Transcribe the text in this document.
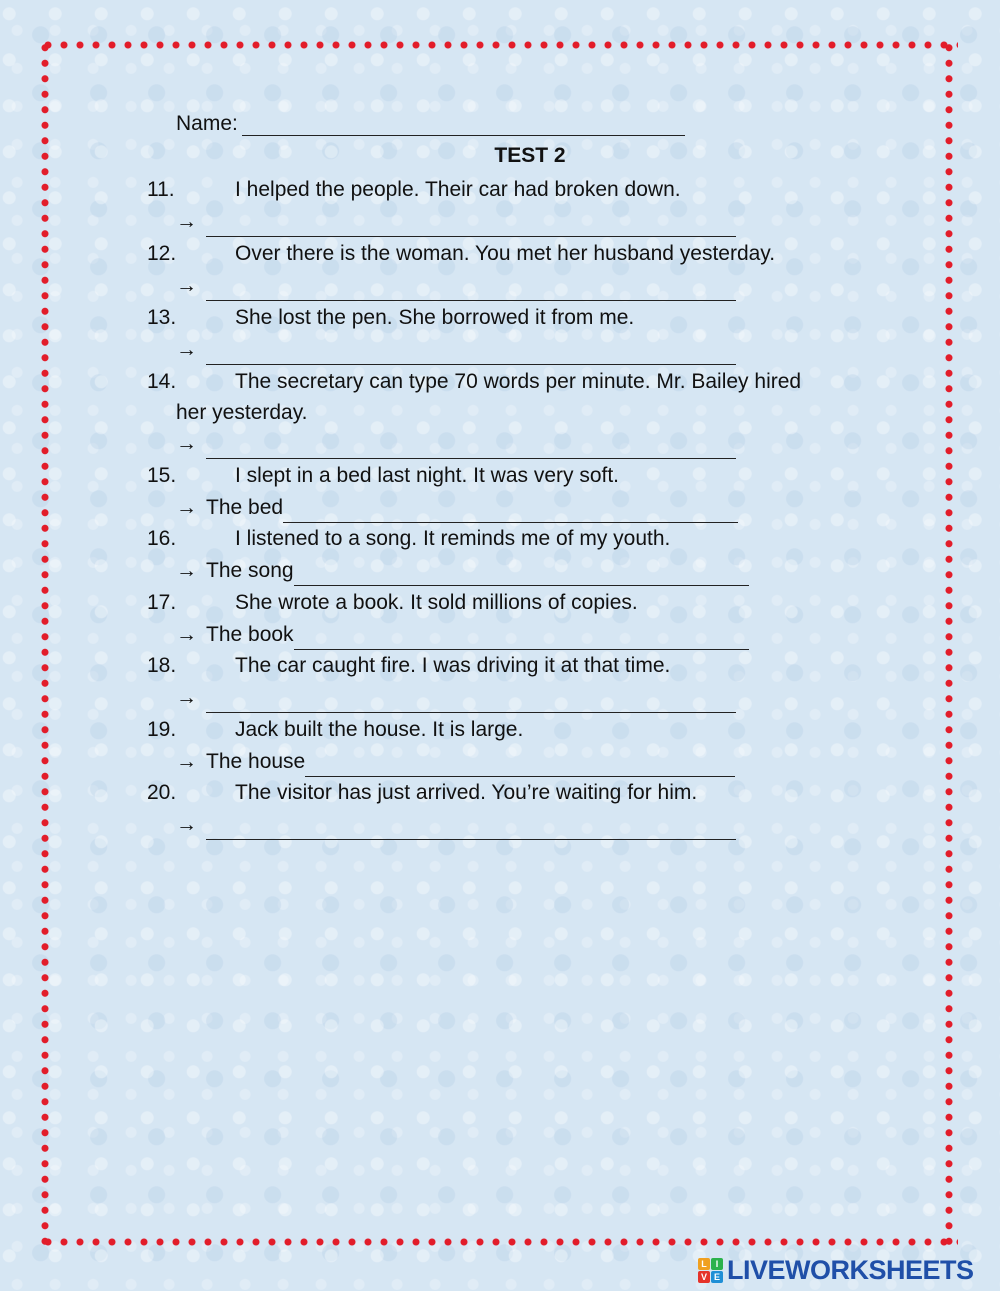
Name:
TEST 2
11.	I helped the people. Their car had broken down.
→
12.	Over there is the woman. You met her husband yesterday.
→
13.	She lost the pen. She borrowed it from me.
→
14.	The secretary can type 70 words per minute. Mr. Bailey hired
her yesterday.
→
15.	I slept in a bed last night. It was very soft.
→ The bed
16.	I listened to a song. It reminds me of my youth.
→ The song
17.	She wrote a book. It sold millions of copies.
→ The book
18.	The car caught fire. I was driving it at that time.
→
19.	Jack built the house. It is large.
→ The house
20.	The visitor has just arrived. You’re waiting for him.
→
L I
V E LIVEWORKSHEETS
